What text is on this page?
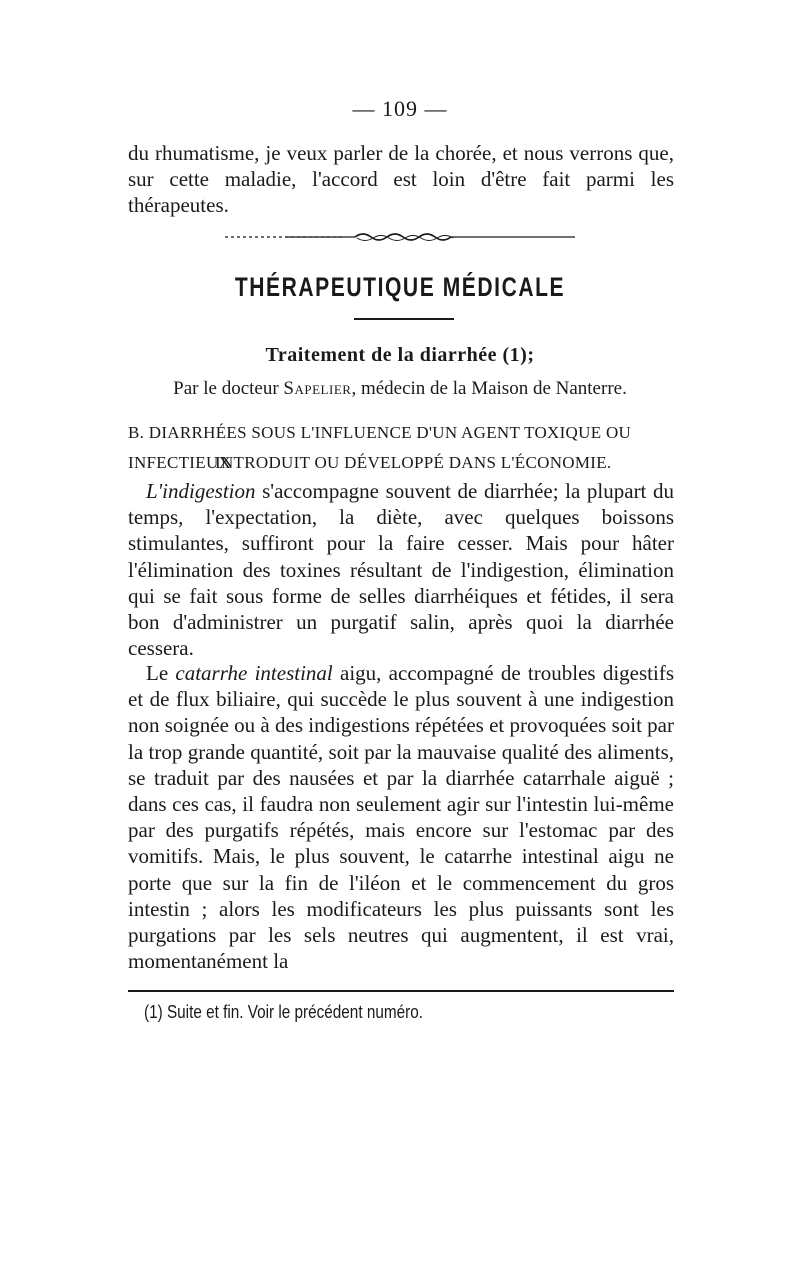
— 109 —

du rhumatisme, je veux parler de la chorée, et nous verrons que, sur cette maladie, l'accord est loin d'être fait parmi les thérapeutes.

THÉRAPEUTIQUE MÉDICALE
Traitement de la diarrhée (1);
Par le docteur Sapelier, médecin de la Maison de Nanterre.
B. DIARRHÉES SOUS L'INFLUENCE D'UN AGENT TOXIQUE OU INFECTIEUX
INTRODUIT OU DÉVELOPPÉ DANS L'ÉCONOMIE.

L'indigestion s'accompagne souvent de diarrhée; la plupart du temps, l'expectation, la diète, avec quelques boissons stimulantes, suffiront pour la faire cesser. Mais pour hâter l'élimination des toxines résultant de l'indigestion, élimination qui se fait sous forme de selles diarrhéiques et fétides, il sera bon d'administrer un purgatif salin, après quoi la diarrhée cessera.

Le catarrhe intestinal aigu, accompagné de troubles digestifs et de flux biliaire, qui succède le plus souvent à une indigestion non soignée ou à des indigestions répétées et provoquées soit par la trop grande quantité, soit par la mauvaise qualité des aliments, se traduit par des nausées et par la diarrhée catarrhale aiguë ; dans ces cas, il faudra non seulement agir sur l'intestin lui-même par des purgatifs répétés, mais encore sur l'estomac par des vomitifs. Mais, le plus souvent, le catarrhe intestinal aigu ne porte que sur la fin de l'iléon et le commencement du gros intestin ; alors les modificateurs les plus puissants sont les purgations par les sels neutres qui augmentent, il est vrai, momentanément la

(1) Suite et fin. Voir le précédent numéro.
